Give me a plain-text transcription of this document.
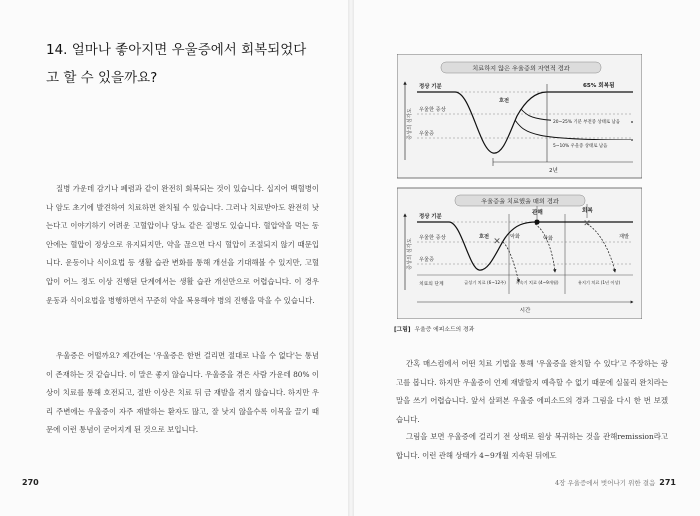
14. 얼마나 좋아지면 우울증에서 회복되었다고 할 수 있을까요?

질병 가운데 감기나 폐렴과 같이 완전히 회복되는 것이 있습니다. 십지어 백혈병이나 암도 초기에 발견하여 치료하면 완치될 수 있습니다. 그러나 치료받아도 완전히 낫는다고 이야기하기 어려운 고혈압이나 당뇨 같은 질병도 있습니다. 혈압약을 먹는 동안에는 혈압이 정상으로 유지되지만, 약을 끊으면 다시 혈압이 조절되지 않기 때문입니다. 운동이나 식이요법 등 생활 습관 변화를 통해 개선을 기대해볼 수 있지만, 고혈압이 어느 정도 이상 진행된 단계에서는 생활 습관 개선만으로 어렵습니다. 이 경우 운동과 식이요법을 병행하면서 꾸준히 약을 복용해야 병의 진행을 막을 수 있습니다.

우울증은 어떨까요? 제간에는 '우울증은 한번 걸리면 절대로 나을 수 없다'는 통념이 존재하는 것 같습니다. 이 말은 좋지 않습니다. 우울증을 겪은 사람 가운데 80% 이상이 치료를 통해 호전되고, 절반 이상은 치료 뒤 금 재발을 겪지 않습니다. 하지만 우리 주변에는 우울증이 자주 재발하는 환자도 많고, 잘 낫지 않을수록 이목을 끌기 때문에 이런 통념이 굳어지게 된 것으로 보입니다.

270
치료하지 않은 우울증의 자연적 경과
증상의 심각도
정상 기분
우울한 증상
우울증
65% 회복됨
호전
20~25% 기분 부전증 상태로 남음
5~10% 우울증 상태로 남음
2년
우울증을 치료했을 때의 경과
증상의 심각도
정상 기분
우울한 증상
우울증
치료의 단계
✕
✕
관해	회복
호전	악화	악화	재발
급성기 치료 (6~12주) 지속기 치료 (4~9개월)	유지기 치료 (1년 이상)
시간
[그림] 우울증 에피소드의 경과

간혹 매스컴에서 어떤 치료 기법을 통해 '우울증을 완치할 수 있다'고 주장하는 광고를 봅니다. 하지만 우울증이 언제 재발할지 예측할 수 없기 때문에 실물리 완치라는 말을 쓰기 어렵습니다. 앞서 살펴본 우울증 에피소드의 경과 그림을 다시 한 번 보겠습니다.

그림을 보면 우울증에 걸리기 전 상태로 원상 복귀하는 것을 관해remission라고 합니다. 이런 관해 상태가 4~9개월 지속된 뒤에도

4장 우울증에서 벗어나기 위한 결음 271
